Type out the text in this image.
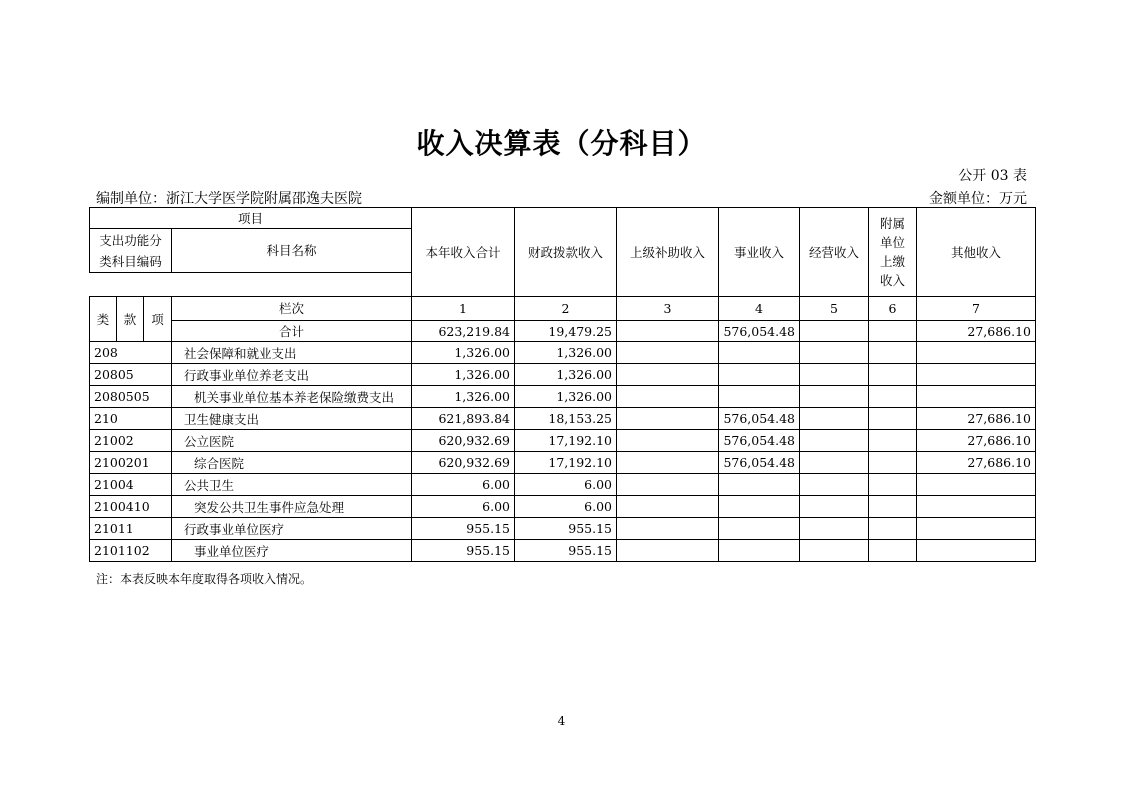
收入决算表（分科目）
公开 03 表
编制单位：浙江大学医学院附属邵逸夫医院	金额单位：万元
项目				本年收入合计	财政拨款收入	上级补助收入	事业收入	经营收入	附属单位上缴收入	其他收入
支出功能分类科目编码			科目名称							

类	款	项	栏次	1	2	3	4	5	6	7
			合计	623,219.84	19,479.25		576,054.48			27,686.10
208			社会保障和就业支出	1,326.00	1,326.00					
20805			行政事业单位养老支出	1,326.00	1,326.00					
2080505			机关事业单位基本养老保险缴费支出	1,326.00	1,326.00					
210			卫生健康支出	621,893.84	18,153.25		576,054.48			27,686.10
21002			公立医院	620,932.69	17,192.10		576,054.48			27,686.10
2100201			综合医院	620,932.69	17,192.10		576,054.48			27,686.10
21004			公共卫生	6.00	6.00					
2100410			突发公共卫生事件应急处理	6.00	6.00					
21011			行政事业单位医疗	955.15	955.15					
2101102			事业单位医疗	955.15	955.15					
注：本表反映本年度取得各项收入情况。
4
